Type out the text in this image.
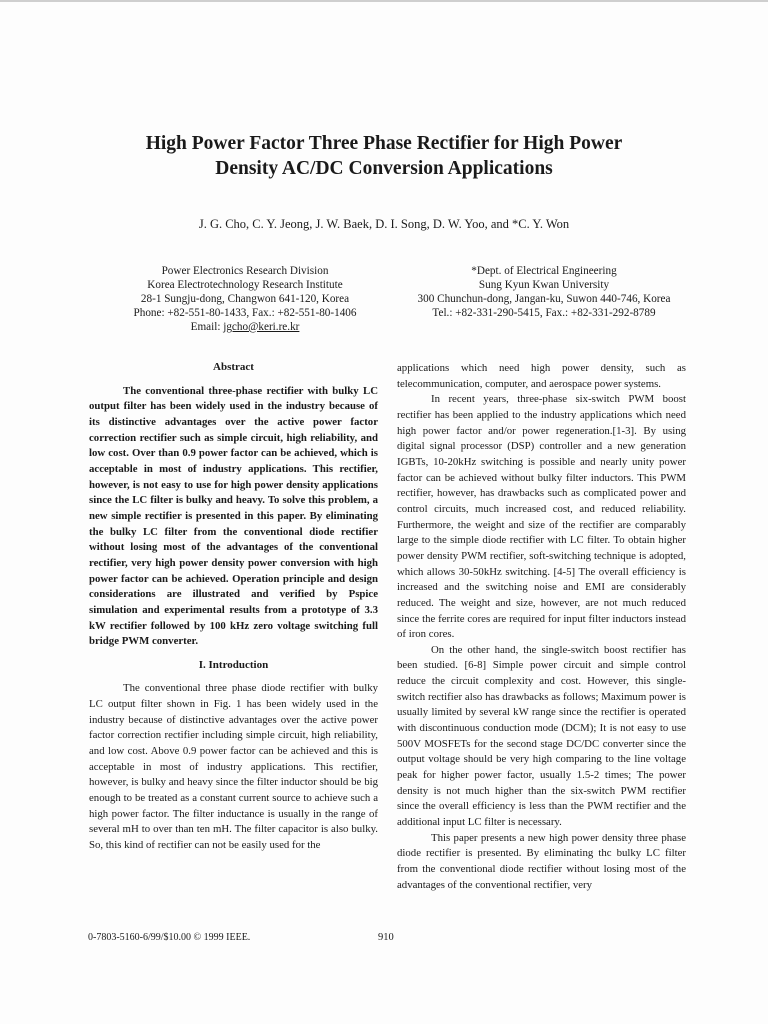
High Power Factor Three Phase Rectifier for High Power
Density AC/DC Conversion Applications
J. G. Cho, C. Y. Jeong, J. W. Baek, D. I. Song, D. W. Yoo, and *C. Y. Won
Power Electronics Research Division
Korea Electrotechnology Research Institute
28-1 Sungju-dong, Changwon 641-120, Korea
Phone: +82-551-80-1433, Fax.: +82-551-80-1406
Email: jgcho@keri.re.kr
*Dept. of Electrical Engineering
Sung Kyun Kwan University
300 Chunchun-dong, Jangan-ku, Suwon 440-746, Korea
Tel.: +82-331-290-5415, Fax.: +82-331-292-8789
Abstract
The conventional three-phase rectifier with bulky LC output filter has been widely used in the industry because of its distinctive advantages over the active power factor correction rectifier such as simple circuit, high reliability, and low cost. Over than 0.9 power factor can be achieved, which is acceptable in most of industry applications. This rectifier, however, is not easy to use for high power density applications since the LC filter is bulky and heavy. To solve this problem, a new simple rectifier is presented in this paper. By eliminating the bulky LC filter from the conventional diode rectifier without losing most of the advantages of the conventional rectifier, very high power density power conversion with high power factor can be achieved. Operation principle and design considerations are illustrated and verified by Pspice simulation and experimental results from a prototype of 3.3 kW rectifier followed by 100 kHz zero voltage switching full bridge PWM converter.
I. Introduction
The conventional three phase diode rectifier with bulky LC output filter shown in Fig. 1 has been widely used in the industry because of distinctive advantages over the active power factor correction rectifier including simple circuit, high reliability, and low cost. Above 0.9 power factor can be achieved and this is acceptable in most of industry applications. This rectifier, however, is bulky and heavy since the filter inductor should be big enough to be treated as a constant current source to achieve such a high power factor. The filter inductance is usually in the range of several mH to over than ten mH. The filter capacitor is also bulky. So, this kind of rectifier can not be easily used for the
applications which need high power density, such as telecommunication, computer, and aerospace power systems.
In recent years, three-phase six-switch PWM boost rectifier has been applied to the industry applications which need high power factor and/or power regeneration.[1-3]. By using digital signal processor (DSP) controller and a new generation IGBTs, 10-20kHz switching is possible and nearly unity power factor can be achieved without bulky filter inductors. This PWM rectifier, however, has drawbacks such as complicated power and control circuits, much increased cost, and reduced reliability. Furthermore, the weight and size of the rectifier are comparably large to the simple diode rectifier with LC filter. To obtain higher power density PWM rectifier, soft-switching technique is adopted, which allows 30-50kHz switching. [4-5] The overall efficiency is increased and the switching noise and EMI are considerably reduced. The weight and size, however, are not much reduced since the ferrite cores are required for input filter inductors instead of iron cores.
On the other hand, the single-switch boost rectifier has been studied. [6-8] Simple power circuit and simple control reduce the circuit complexity and cost. However, this single-switch rectifier also has drawbacks as follows; Maximum power is usually limited by several kW range since the rectifier is operated with discontinuous conduction mode (DCM); It is not easy to use 500V MOSFETs for the second stage DC/DC converter since the output voltage should be very high comparing to the line voltage peak for higher power factor, usually 1.5-2 times; The power density is not much higher than the six-switch PWM rectifier since the overall efficiency is less than the PWM rectifier and the additional input LC filter is necessary.
This paper presents a new high power density three phase diode rectifier is presented. By eliminating thc bulky LC filter from the conventional diode rectifier without losing most of the advantages of the conventional rectifier, very
0-7803-5160-6/99/$10.00 © 1999 IEEE.	910
